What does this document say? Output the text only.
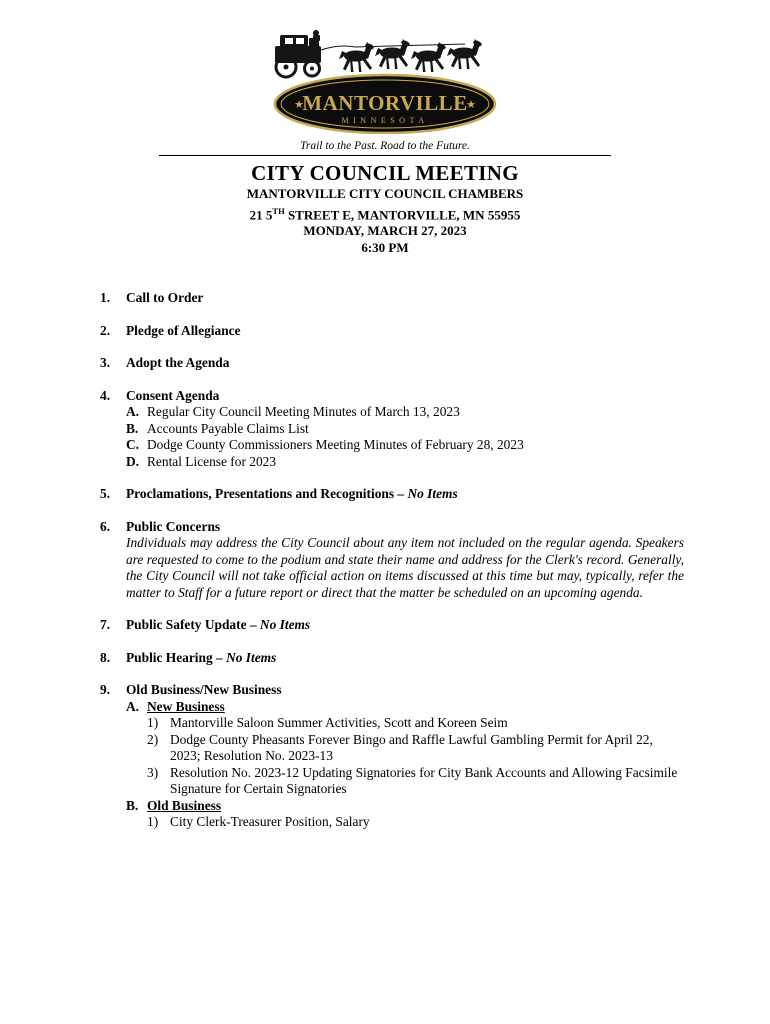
★	★
MANTORVILLE
MINNESOTA
Trail to the Past. Road to the Future.
CITY COUNCIL MEETING
MANTORVILLE CITY COUNCIL CHAMBERS
21 5TH STREET E, MANTORVILLE, MN 55955
MONDAY, MARCH 27, 2023
6:30 PM
1.	Call to Order
2.	Pledge of Allegiance
3.	Adopt the Agenda
4.	Consent Agenda
A. Regular City Council Meeting Minutes of March 13, 2023
B. Accounts Payable Claims List
C. Dodge County Commissioners Meeting Minutes of February 28, 2023
D. Rental License for 2023
5.	Proclamations, Presentations and Recognitions – No Items
6.	Public Concerns
Individuals may address the City Council about any item not included on the regular agenda. Speakers are requested to come to the podium and state their name and address for the Clerk's record. Generally, the City Council will not take official action on items discussed at this time but may, typically, refer the matter to Staff for a future report or direct that the matter be scheduled on an upcoming agenda.
7.	Public Safety Update – No Items
8.	Public Hearing – No Items
9.	Old Business/New Business
A. New Business
1) Mantorville Saloon Summer Activities, Scott and Koreen Seim
2) Dodge County Pheasants Forever Bingo and Raffle Lawful Gambling Permit for April 22, 2023; Resolution No. 2023-13
3) Resolution No. 2023-12 Updating Signatories for City Bank Accounts and Allowing Facsimile Signature for Certain Signatories
B. Old Business
1) City Clerk-Treasurer Position, Salary
